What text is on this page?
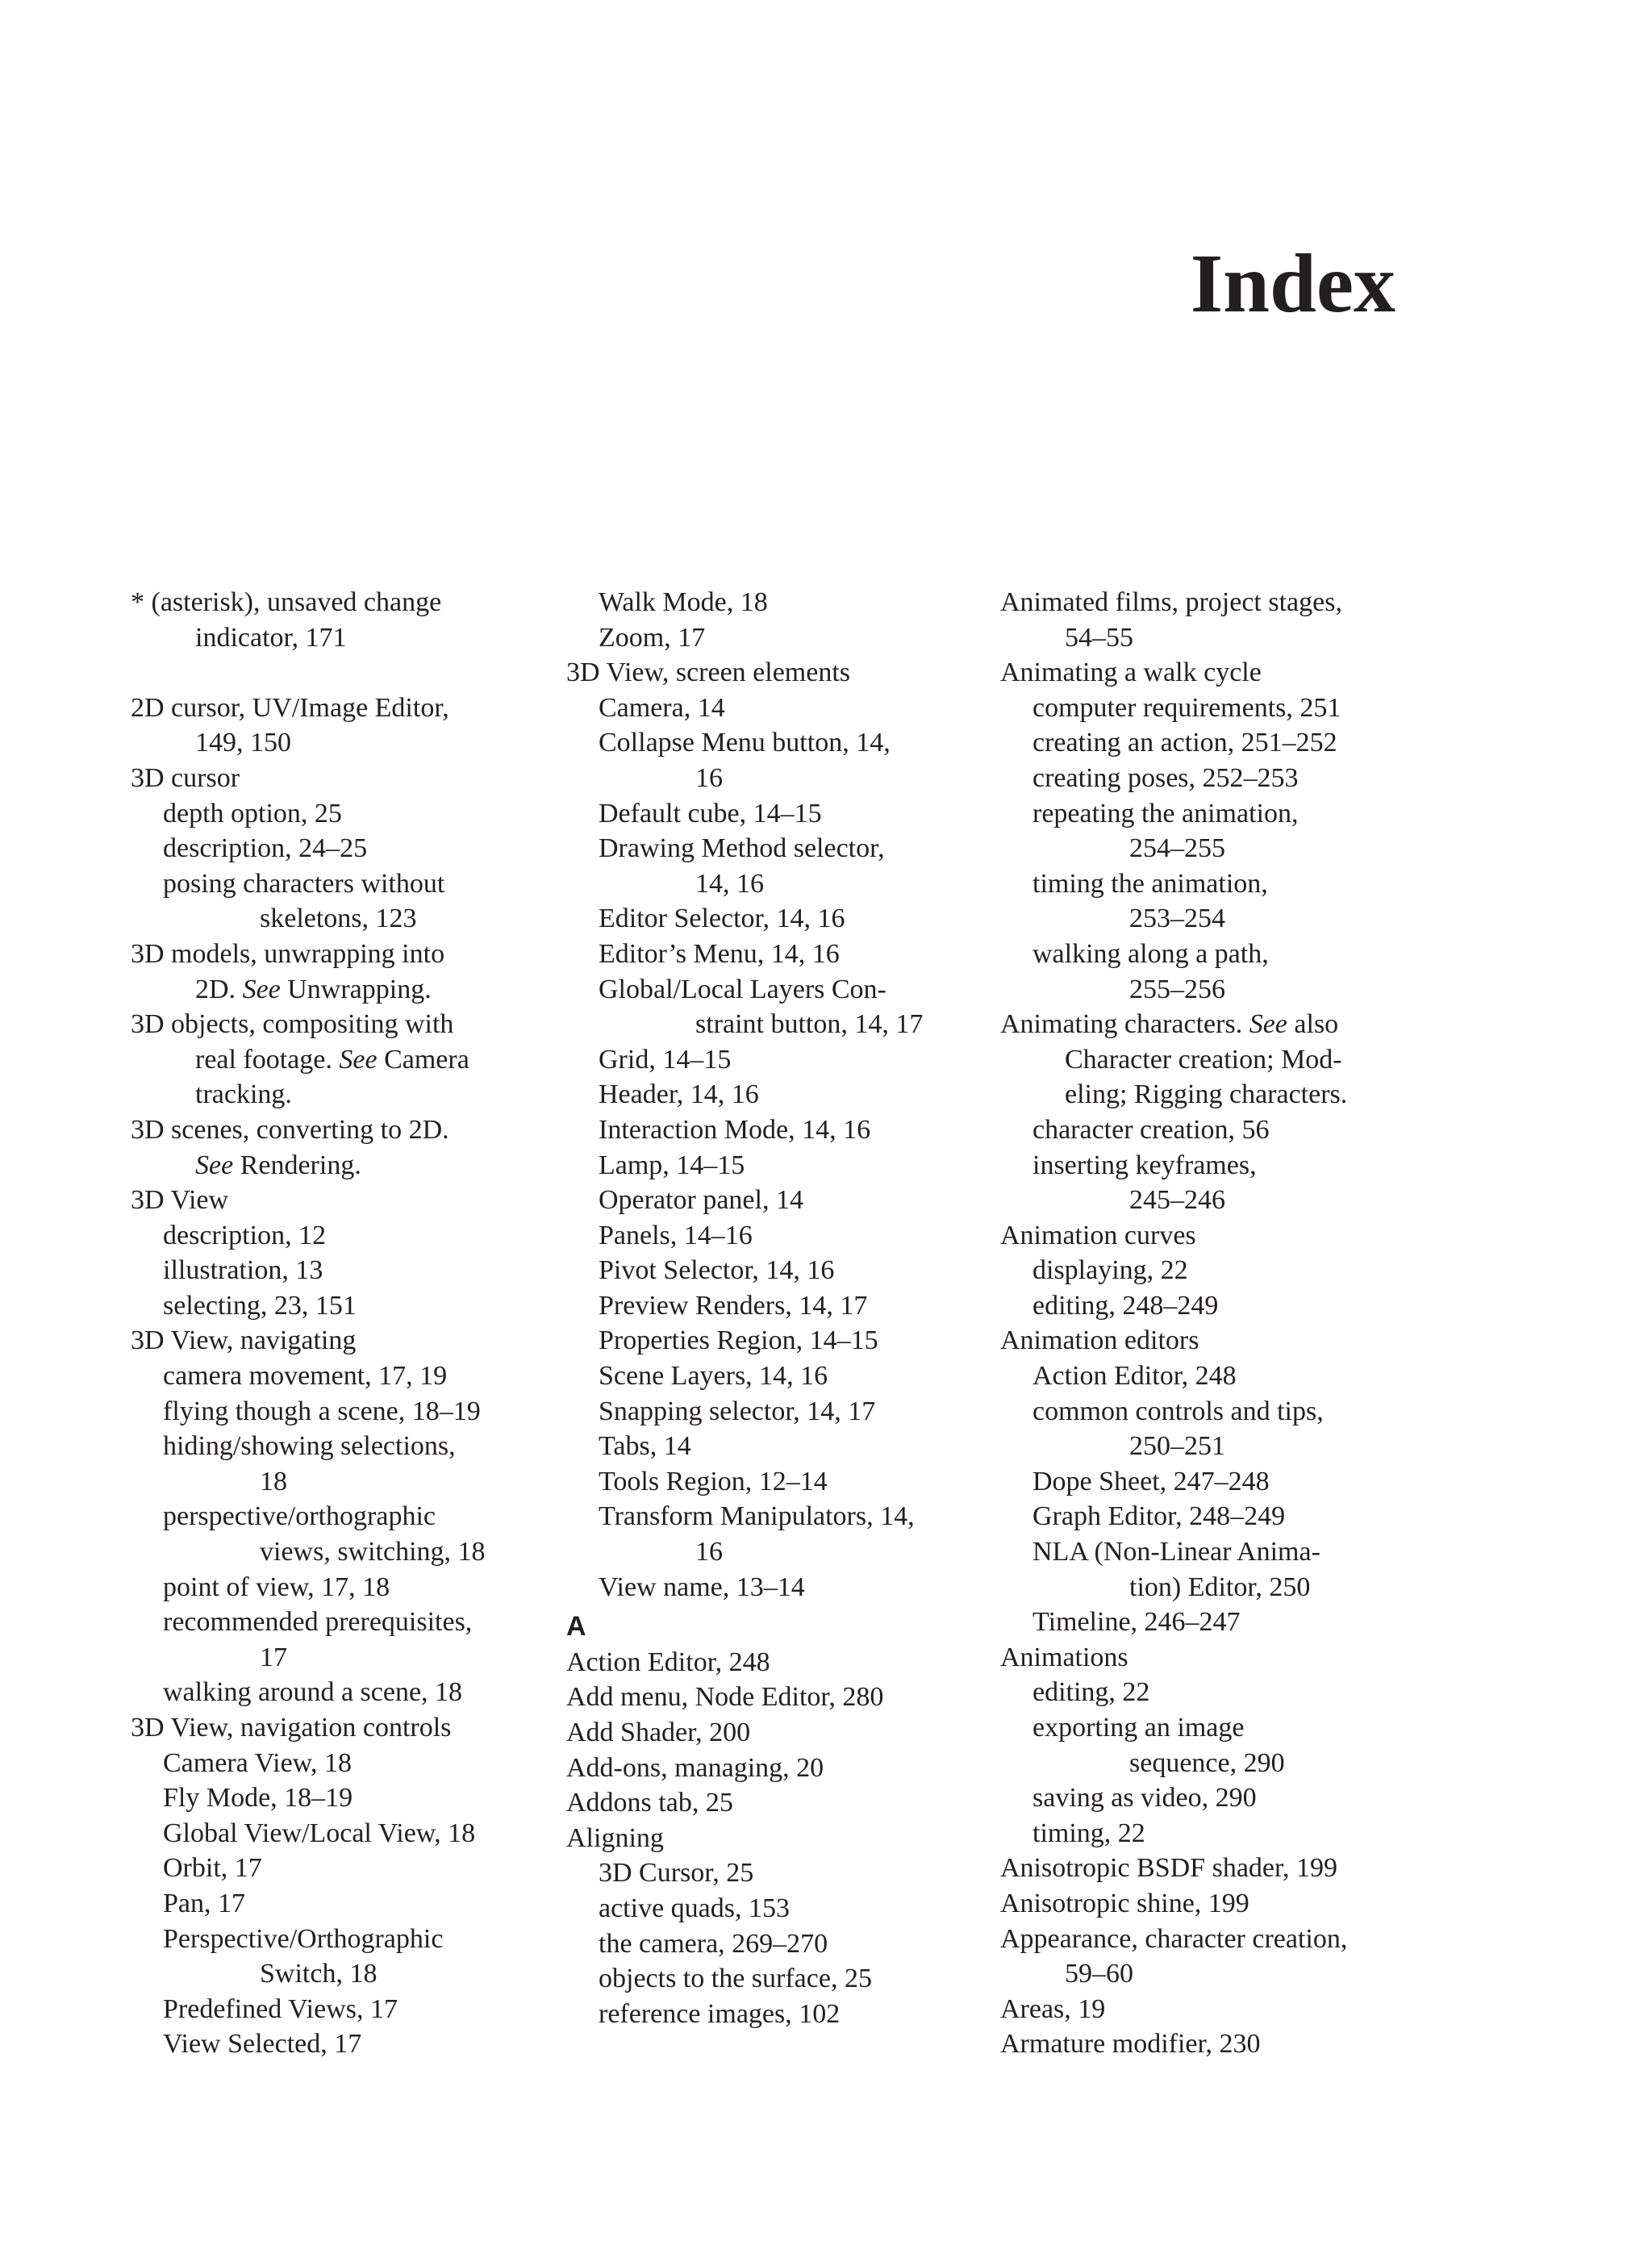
Index
* (asterisk), unsaved change
indicator, 171
2D cursor, UV/Image Editor,
149, 150
3D cursor
depth option, 25
description, 24–25
posing characters without
skeletons, 123
3D models, unwrapping into
2D. See Unwrapping.
3D objects, compositing with
real footage. See Camera
tracking.
3D scenes, converting to 2D.
See Rendering.
3D View
description, 12
illustration, 13
selecting, 23, 151
3D View, navigating
camera movement, 17, 19
flying though a scene, 18–19
hiding/showing selections,
18
perspective/orthographic
views, switching, 18
point of view, 17, 18
recommended prerequisites,
17
walking around a scene, 18
3D View, navigation controls
Camera View, 18
Fly Mode, 18–19
Global View/Local View, 18
Orbit, 17
Pan, 17
Perspective/Orthographic
Switch, 18
Predefined Views, 17
View Selected, 17
Walk Mode, 18
Zoom, 17
3D View, screen elements
Camera, 14
Collapse Menu button, 14,
16
Default cube, 14–15
Drawing Method selector,
14, 16
Editor Selector, 14, 16
Editor’s Menu, 14, 16
Global/Local Layers Con-
straint button, 14, 17
Grid, 14–15
Header, 14, 16
Interaction Mode, 14, 16
Lamp, 14–15
Operator panel, 14
Panels, 14–16
Pivot Selector, 14, 16
Preview Renders, 14, 17
Properties Region, 14–15
Scene Layers, 14, 16
Snapping selector, 14, 17
Tabs, 14
Tools Region, 12–14
Transform Manipulators, 14,
16
View name, 13–14
A
Action Editor, 248
Add menu, Node Editor, 280
Add Shader, 200
Add-ons, managing, 20
Addons tab, 25
Aligning
3D Cursor, 25
active quads, 153
the camera, 269–270
objects to the surface, 25
reference images, 102
Animated films, project stages,
54–55
Animating a walk cycle
computer requirements, 251
creating an action, 251–252
creating poses, 252–253
repeating the animation,
254–255
timing the animation,
253–254
walking along a path,
255–256
Animating characters. See also
Character creation; Mod-
eling; Rigging characters.
character creation, 56
inserting keyframes,
245–246
Animation curves
displaying, 22
editing, 248–249
Animation editors
Action Editor, 248
common controls and tips,
250–251
Dope Sheet, 247–248
Graph Editor, 248–249
NLA (Non-Linear Anima-
tion) Editor, 250
Timeline, 246–247
Animations
editing, 22
exporting an image
sequence, 290
saving as video, 290
timing, 22
Anisotropic BSDF shader, 199
Anisotropic shine, 199
Appearance, character creation,
59–60
Areas, 19
Armature modifier, 230
